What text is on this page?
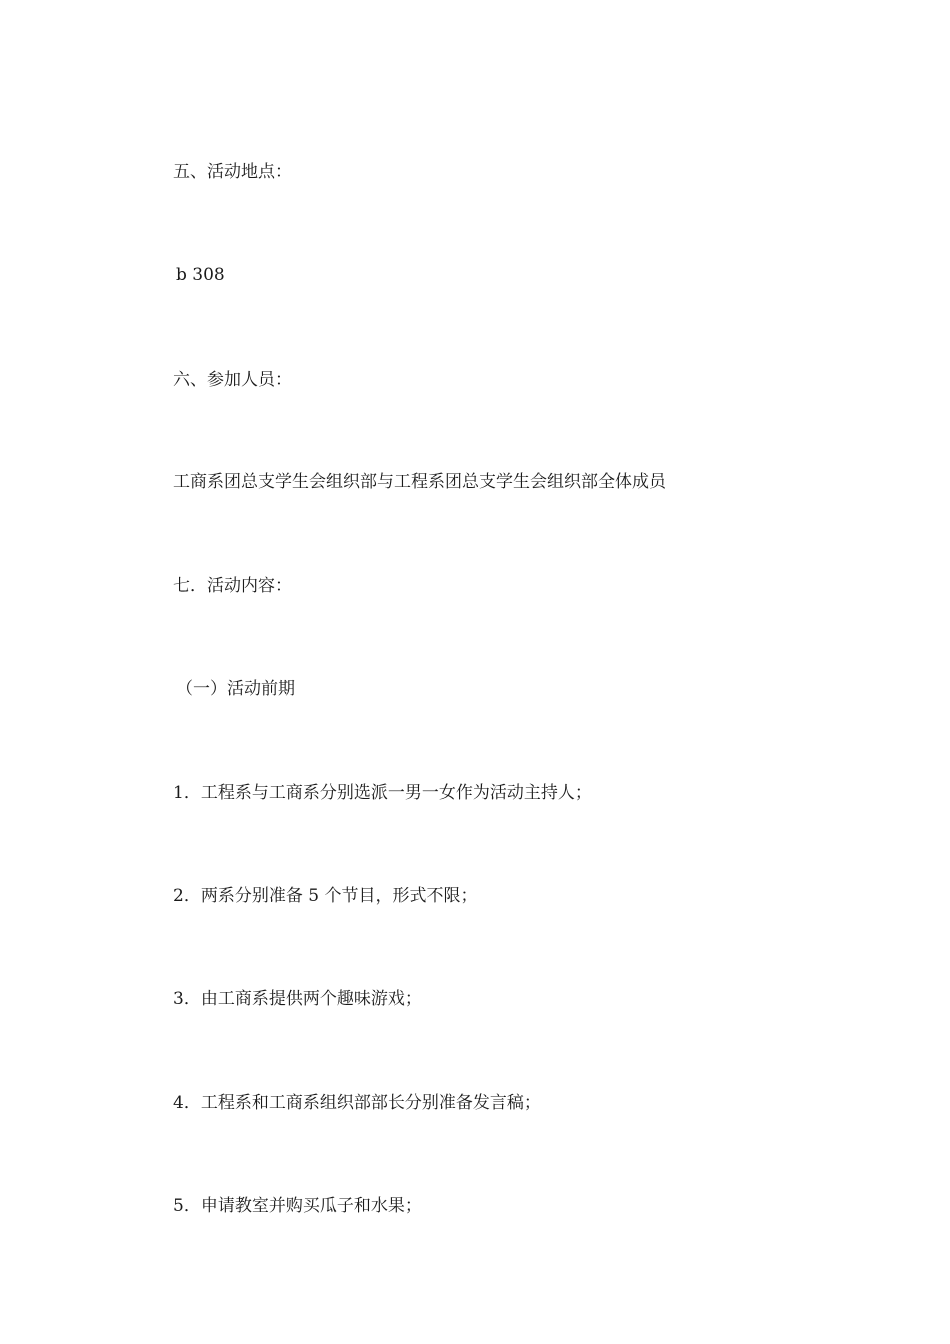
五、活动地点：

b 308

六、参加人员：

工商系团总支学生会组织部与工程系团总支学生会组织部全体成员

七．活动内容：

（一）活动前期

1．工程系与工商系分别选派一男一女作为活动主持人；

2．两系分别准备 5 个节目，形式不限；

3．由工商系提供两个趣味游戏；

4．工程系和工商系组织部部长分别准备发言稿；

5．申请教室并购买瓜子和水果；
